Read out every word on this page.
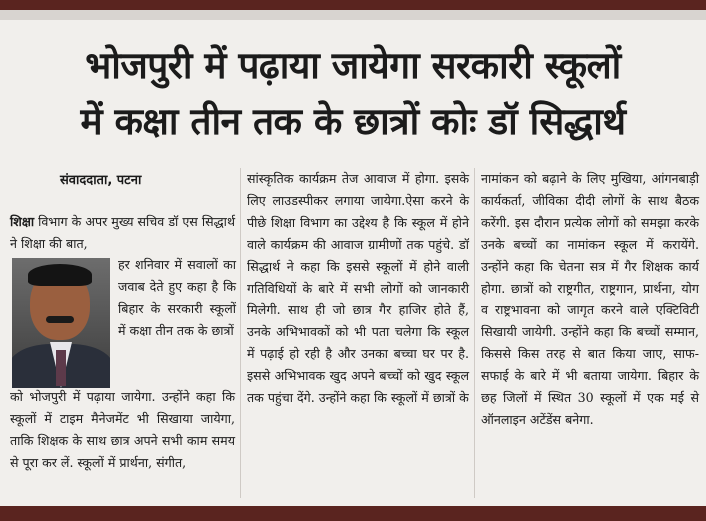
भोजपुरी में पढ़ाया जायेगा सरकारी स्कूलों
में कक्षा तीन तक के छात्रों कोः डॉ सिद्धार्थ
संवाददाता, पटना

शिक्षा विभाग के अपर मुख्य सचिव डॉ एस सिद्धार्थ ने शिक्षा की बात,

हर शनिवार में सवालों का जवाब देते हुए कहा है कि बिहार के सरकारी स्कूलों में कक्षा तीन तक के छात्रों

को भोजपुरी में पढ़ाया जायेगा. उन्होंने कहा कि स्कूलों में टाइम मैनेजमेंट भी सिखाया जायेगा, ताकि शिक्षक के साथ छात्र अपने सभी काम समय से पूरा कर लें. स्कूलों में प्रार्थना, संगीत,

सांस्कृतिक कार्यक्रम तेज आवाज में होगा. इसके लिए लाउडस्पीकर लगाया जायेगा.ऐसा करने के पीछे शिक्षा विभाग का उद्देश्य है कि स्कूल में होने वाले कार्यक्रम की आवाज ग्रामीणों तक पहुंचे. डॉ सिद्धार्थ ने कहा कि इससे स्कूलों में होने वाली गतिविधियों के बारे में सभी लोगों को जानकारी मिलेगी. साथ ही जो छात्र गैर हाजिर होते हैं, उनके अभिभावकों को भी पता चलेगा कि स्कूल में पढ़ाई हो रही है और उनका बच्चा घर पर है. इससे अभिभावक खुद अपने बच्चों को खुद स्कूल तक पहुंचा देंगे. उन्होंने कहा कि स्कूलों में छात्रों के

नामांकन को बढ़ाने के लिए मुखिया, आंगनबाड़ी कार्यकर्ता, जीविका दीदी लोगों के साथ बैठक करेंगी. इस दौरान प्रत्येक लोगों को समझा करके उनके बच्चों का नामांकन स्कूल में करायेंगे. उन्होंने कहा कि चेतना सत्र में गैर शिक्षक कार्य होगा. छात्रों को राष्ट्रगीत, राष्ट्रगान, प्रार्थना, योग व राष्ट्रभावना को जागृत करने वाले एक्टिविटी सिखायी जायेगी. उन्होंने कहा कि बच्चों सम्मान, किससे किस तरह से बात किया जाए, साफ-सफाई के बारे में भी बताया जायेगा. बिहार के छह जिलों में स्थित 30 स्कूलों में एक मई से ऑनलाइन अटेंडेंस बनेगा.
